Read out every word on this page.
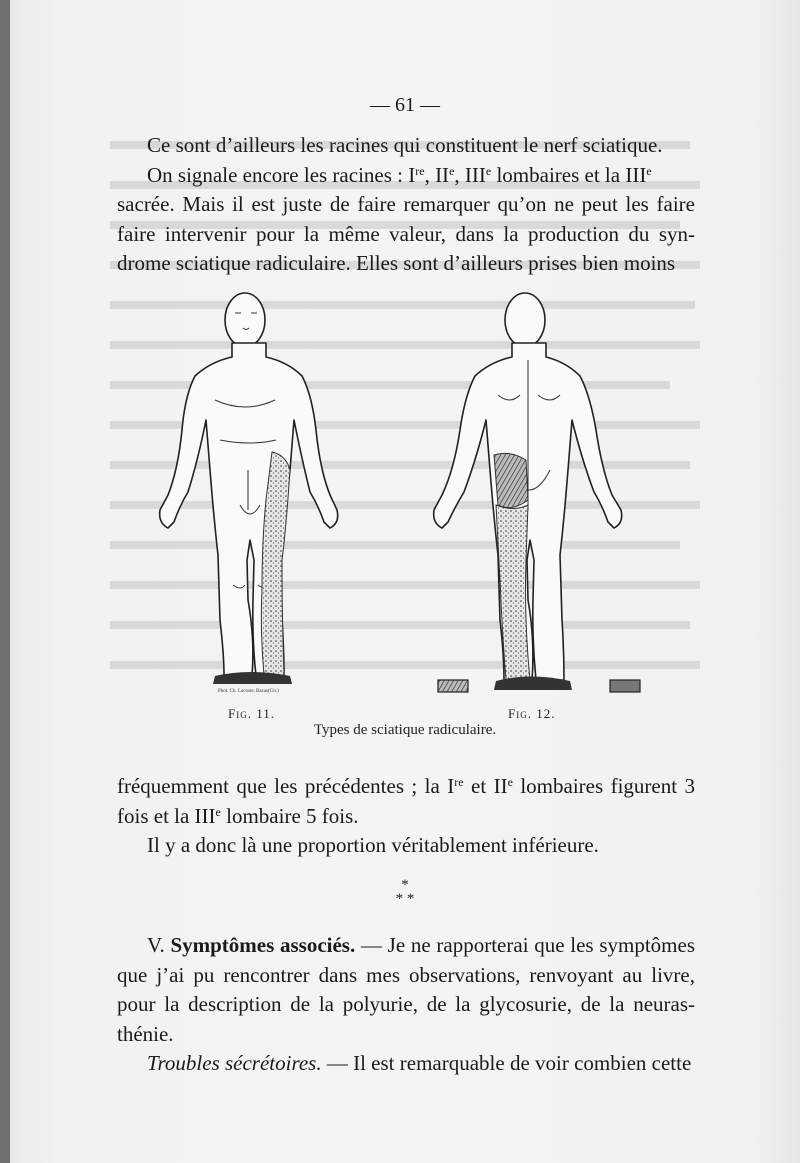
— 61 —

Ce sont d’ailleurs les racines qui constituent le nerf sciatique.

On signale encore les racines : Ire, IIe, IIIe lombaires et la IIIe

sacrée. Mais il est juste de faire remarquer qu’on ne peut les faire faire intervenir pour la même valeur, dans la production du syndrome sciatique radiculaire. Elles sont d’ailleurs prises bien moins

Phot. Ch. Lacoste, Bazas(Gir.)
Fig. 11.	Fig. 12.
Types de sciatique radiculaire.

fréquemment que les précédentes ; la Ire et IIe lombaires figurent 3 fois et la IIIe lombaire 5 fois.

Il y a donc là une proportion véritablement inférieure.

*
* *

V. Symptômes associés. — Je ne rapporterai que les symptômes que j’ai pu rencontrer dans mes observations, renvoyant au livre, pour la description de la polyurie, de la glycosurie, de la neurasthénie.

Troubles sécrétoires. — Il est remarquable de voir combien cette
